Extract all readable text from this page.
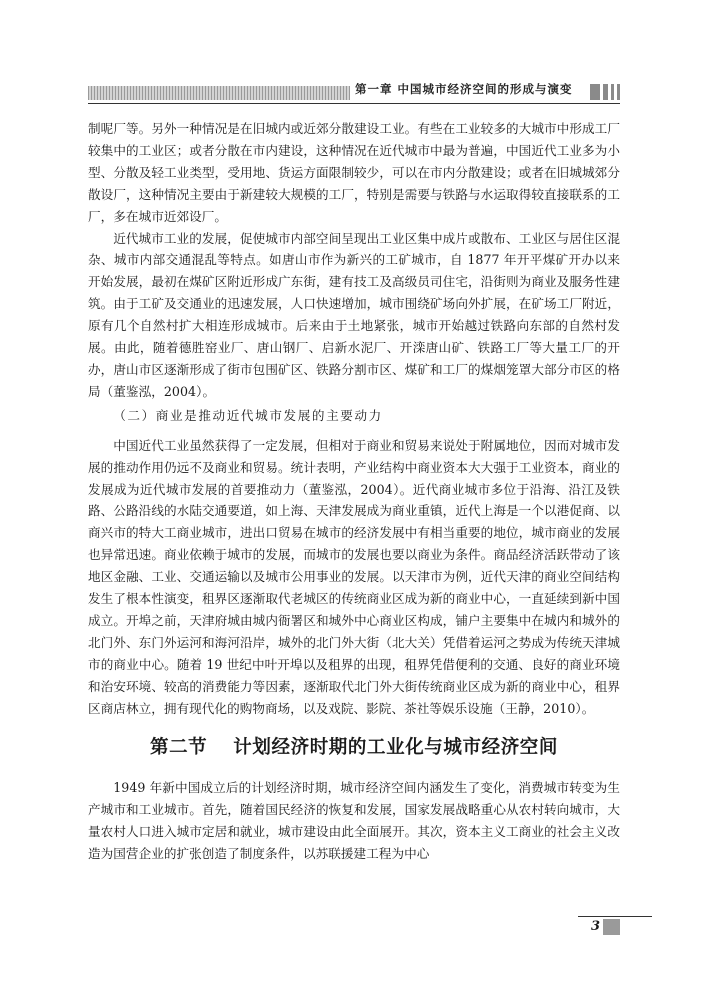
第一章 中国城市经济空间的形成与演变

制呢厂等。另外一种情况是在旧城内或近郊分散建设工业。有些在工业较多的大城市中形成工厂较集中的工业区；或者分散在市内建设，这种情况在近代城市中最为普遍，中国近代工业多为小型、分散及轻工业类型，受用地、货运方面限制较少，可以在市内分散建设；或者在旧城城郊分散设厂，这种情况主要由于新建较大规模的工厂，特别是需要与铁路与水运取得较直接联系的工厂，多在城市近郊设厂。

近代城市工业的发展，促使城市内部空间呈现出工业区集中成片或散布、工业区与居住区混杂、城市内部交通混乱等特点。如唐山市作为新兴的工矿城市，自 1877 年开平煤矿开办以来开始发展，最初在煤矿区附近形成广东街，建有技工及高级员司住宅，沿街则为商业及服务性建筑。由于工矿及交通业的迅速发展，人口快速增加，城市围绕矿场向外扩展，在矿场工厂附近，原有几个自然村扩大相连形成城市。后来由于土地紧张，城市开始越过铁路向东部的自然村发展。由此，随着德胜窑业厂、唐山钢厂、启新水泥厂、开滦唐山矿、铁路工厂等大量工厂的开办，唐山市区逐渐形成了街市包围矿区、铁路分割市区、煤矿和工厂的煤烟笼罩大部分市区的格局（董鉴泓，2004）。

（二）商业是推动近代城市发展的主要动力

中国近代工业虽然获得了一定发展，但相对于商业和贸易来说处于附属地位，因而对城市发展的推动作用仍远不及商业和贸易。统计表明，产业结构中商业资本大大强于工业资本，商业的发展成为近代城市发展的首要推动力（董鉴泓，2004）。近代商业城市多位于沿海、沿江及铁路、公路沿线的水陆交通要道，如上海、天津发展成为商业重镇，近代上海是一个以港促商、以商兴市的特大工商业城市，进出口贸易在城市的经济发展中有相当重要的地位，城市商业的发展也异常迅速。商业依赖于城市的发展，而城市的发展也要以商业为条件。商品经济活跃带动了该地区金融、工业、交通运输以及城市公用事业的发展。以天津市为例，近代天津的商业空间结构发生了根本性演变，租界区逐渐取代老城区的传统商业区成为新的商业中心，一直延续到新中国成立。开埠之前，天津府城由城内衙署区和城外中心商业区构成，铺户主要集中在城内和城外的北门外、东门外运河和海河沿岸，城外的北门外大街（北大关）凭借着运河之势成为传统天津城市的商业中心。随着 19 世纪中叶开埠以及租界的出现，租界凭借便利的交通、良好的商业环境和治安环境、较高的消费能力等因素，逐渐取代北门外大街传统商业区成为新的商业中心，租界区商店林立，拥有现代化的购物商场，以及戏院、影院、茶社等娱乐设施（王静，2010）。

第二节 计划经济时期的工业化与城市经济空间

1949 年新中国成立后的计划经济时期，城市经济空间内涵发生了变化，消费城市转变为生产城市和工业城市。首先，随着国民经济的恢复和发展，国家发展战略重心从农村转向城市，大量农村人口进入城市定居和就业，城市建设由此全面展开。其次，资本主义工商业的社会主义改造为国营企业的扩张创造了制度条件，以苏联援建工程为中心

3
